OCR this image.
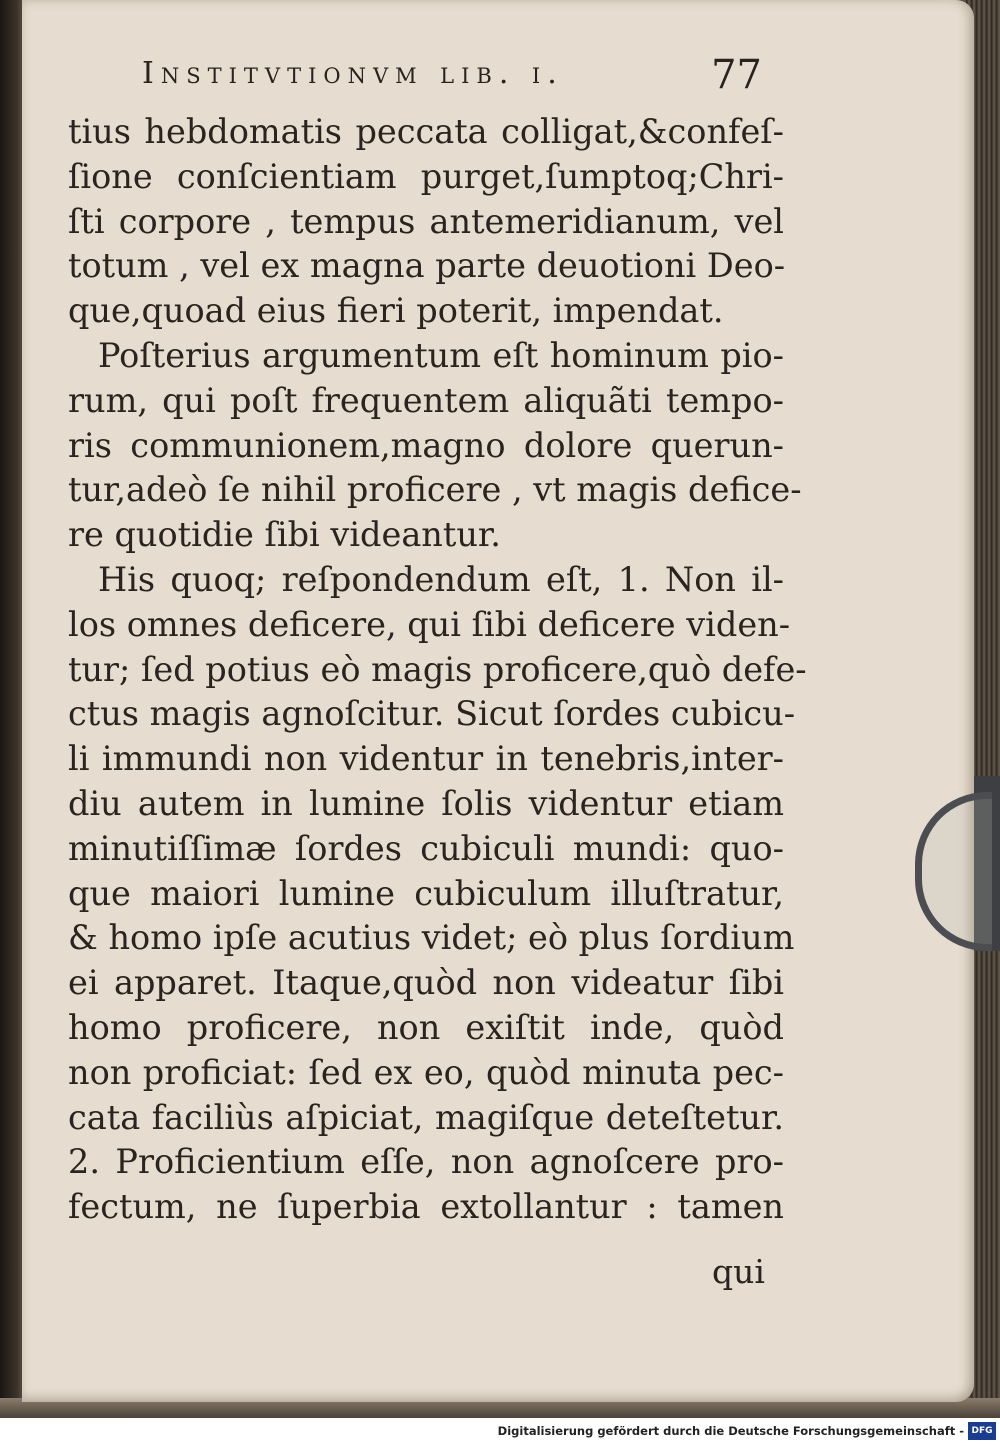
Institvtionvm lib. i.	77
tius hebdomatis peccata colligat,&confeſ-
ſione conſcientiam purget,ſumptoq;Chri-
ſti corpore , tempus antemeridianum, vel
totum , vel ex magna parte deuotioni Deo-
que,quoad eius fieri poterit, impendat.
Poſterius argumentum eſt hominum pio-
rum, qui poſt frequentem aliquãti tempo-
ris communionem,magno dolore querun-
tur,adeò ſe nihil proficere , vt magis defice-
re quotidie ſibi videantur.
His quoq; reſpondendum eſt, 1. Non il-
los omnes deficere, qui ſibi deficere viden-
tur; ſed potius eò magis proficere,quò defe-
ctus magis agnoſcitur. Sicut ſordes cubicu-
li immundi non videntur in tenebris,inter-
diu autem in lumine ſolis videntur etiam
minutiſſimæ ſordes cubiculi mundi: quo-
que maiori lumine cubiculum illuſtratur,
& homo ipſe acutius videt; eò plus ſordium
ei apparet. Itaque,quòd non videatur ſibi
homo proficere, non exiſtit inde, quòd
non proficiat: ſed ex eo, quòd minuta pec-
cata faciliùs aſpiciat, magiſque deteſtetur.
2. Proficientium eſſe, non agnoſcere pro-
fectum, ne ſuperbia extollantur : tamen
qui
Digitalisierung gefördert durch die Deutsche Forschungsgemeinschaft - DFG
